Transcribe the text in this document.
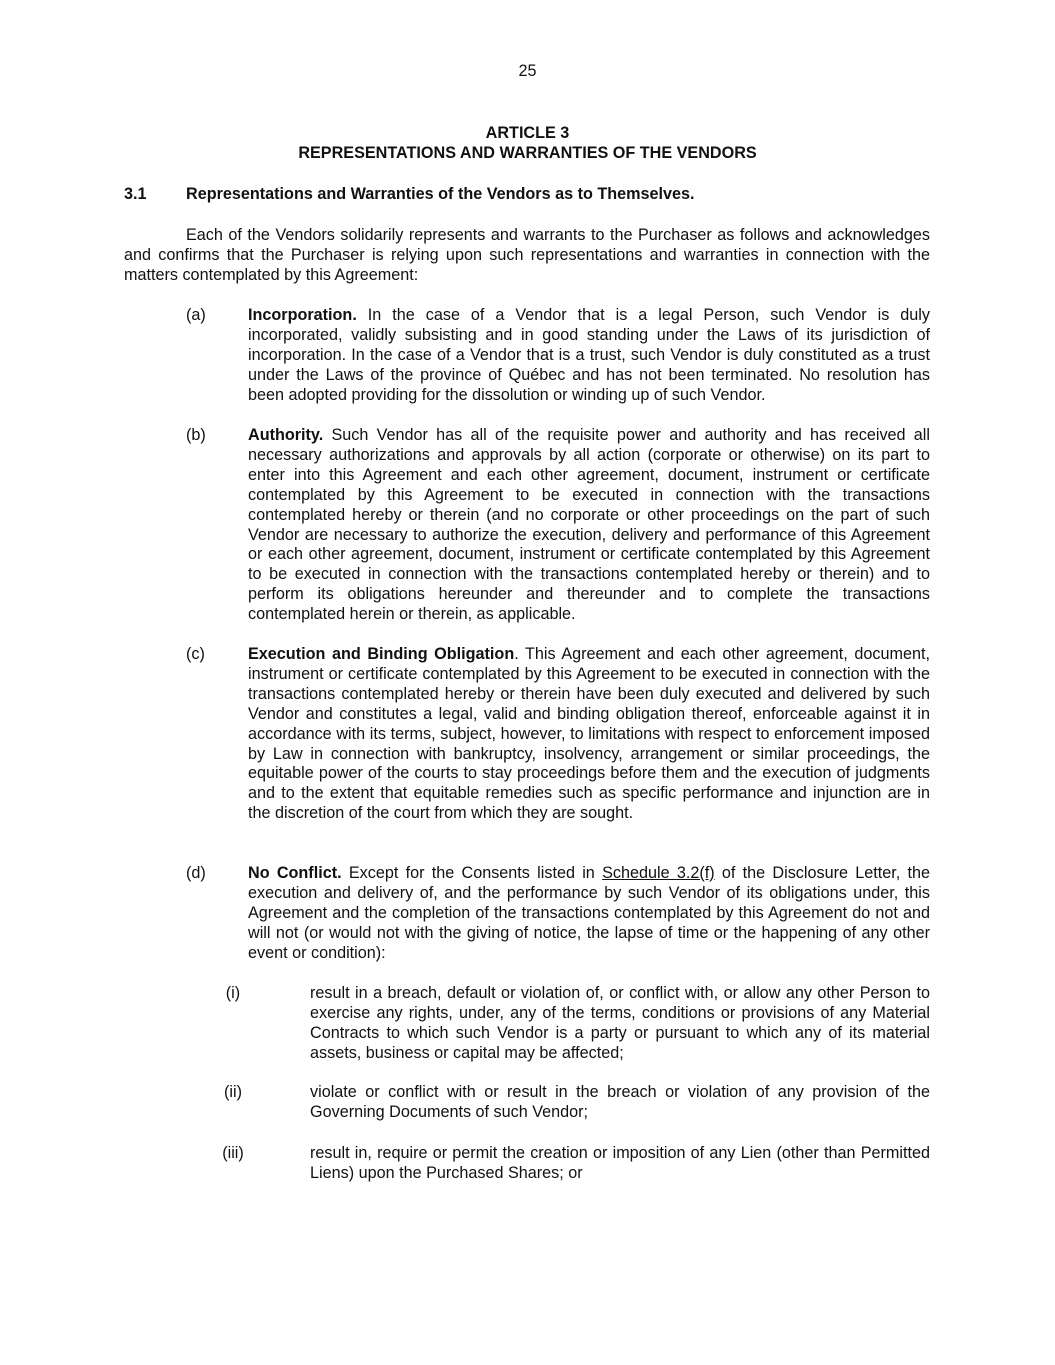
25
ARTICLE 3
REPRESENTATIONS AND WARRANTIES OF THE VENDORS
3.1 Representations and Warranties of the Vendors as to Themselves.

Each of the Vendors solidarily represents and warrants to the Purchaser as follows and acknowledges and confirms that the Purchaser is relying upon such representations and warranties in connection with the matters contemplated by this Agreement:

(a)	Incorporation. In the case of a Vendor that is a legal Person, such Vendor is duly incorporated, validly subsisting and in good standing under the Laws of its jurisdiction of incorporation. In the case of a Vendor that is a trust, such Vendor is duly constituted as a trust under the Laws of the province of Québec and has not been terminated. No resolution has been adopted providing for the dissolution or winding up of such Vendor.

(b)	Authority. Such Vendor has all of the requisite power and authority and has received all necessary authorizations and approvals by all action (corporate or otherwise) on its part to enter into this Agreement and each other agreement, document, instrument or certificate contemplated by this Agreement to be executed in connection with the transactions contemplated hereby or therein (and no corporate or other proceedings on the part of such Vendor are necessary to authorize the execution, delivery and performance of this Agreement or each other agreement, document, instrument or certificate contemplated by this Agreement to be executed in connection with the transactions contemplated hereby or therein) and to perform its obligations hereunder and thereunder and to complete the transactions contemplated herein or therein, as applicable.

(c)	Execution and Binding Obligation. This Agreement and each other agreement, document, instrument or certificate contemplated by this Agreement to be executed in connection with the transactions contemplated hereby or therein have been duly executed and delivered by such Vendor and constitutes a legal, valid and binding obligation thereof, enforceable against it in accordance with its terms, subject, however, to limitations with respect to enforcement imposed by Law in connection with bankruptcy, insolvency, arrangement or similar proceedings, the equitable power of the courts to stay proceedings before them and the execution of judgments and to the extent that equitable remedies such as specific performance and injunction are in the discretion of the court from which they are sought.

(d)	No Conflict. Except for the Consents listed in Schedule 3.2(f) of the Disclosure Letter, the execution and delivery of, and the performance by such Vendor of its obligations under, this Agreement and the completion of the transactions contemplated by this Agreement do not and will not (or would not with the giving of notice, the lapse of time or the happening of any other event or condition):

(i)	result in a breach, default or violation of, or conflict with, or allow any other Person to exercise any rights, under, any of the terms, conditions or provisions of any Material Contracts to which such Vendor is a party or pursuant to which any of its material assets, business or capital may be affected;

(ii)	violate or conflict with or result in the breach or violation of any provision of the Governing Documents of such Vendor;

(iii)	result in, require or permit the creation or imposition of any Lien (other than Permitted Liens) upon the Purchased Shares; or
